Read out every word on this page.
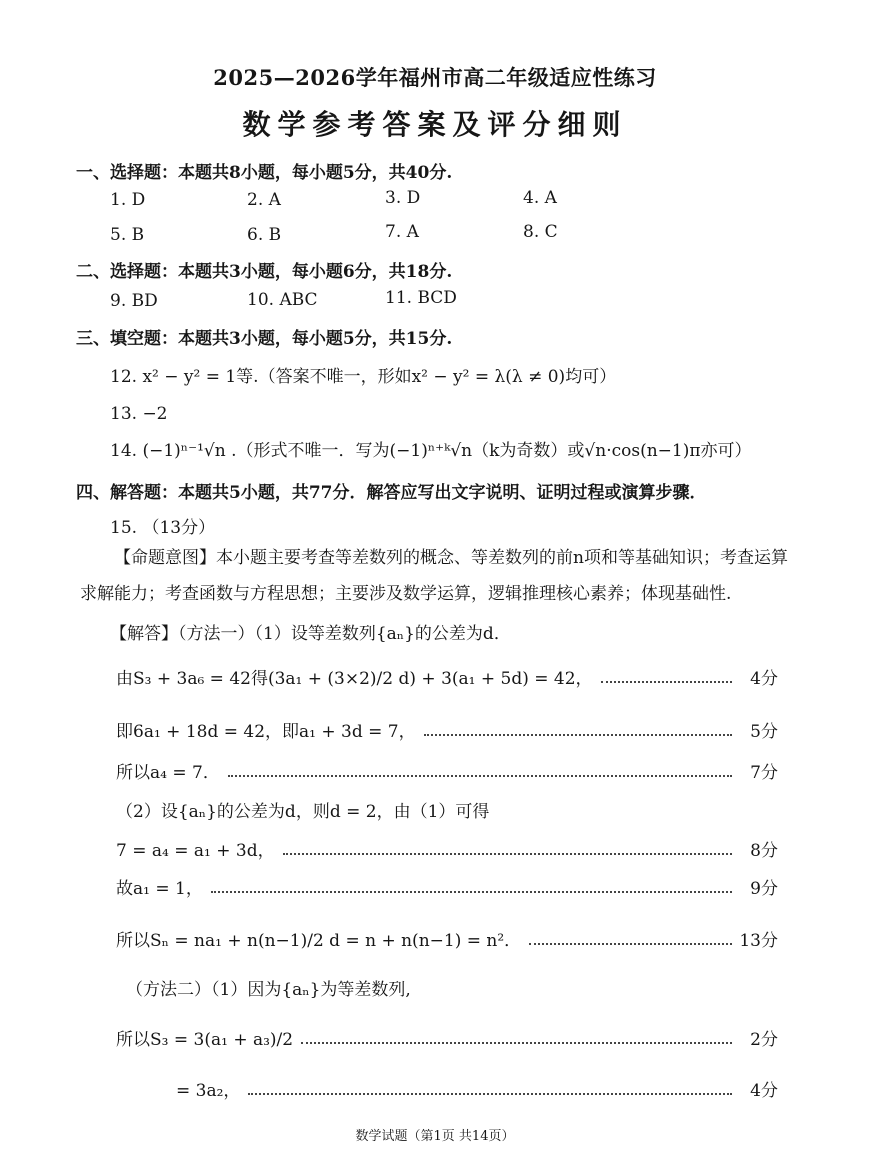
2025—2026学年福州市高二年级适应性练习
数学参考答案及评分细则
一、选择题：本题共8小题，每小题5分，共40分.
1. D	2. A	3. D	4. A
5. B	6. B	7. A	8. C
二、选择题：本题共3小题，每小题6分，共18分.
9. BD	10. ABC	11. BCD
三、填空题：本题共3小题，每小题5分，共15分.
12. x² − y² = 1等.（答案不唯一，形如x² − y² = λ(λ ≠ 0)均可）
13. −2
14. (−1)ⁿ⁻¹√n .（形式不唯一．写为(−1)ⁿ⁺ᵏ√n（k为奇数）或√n·cos(n−1)π亦可）
四、解答题：本题共5小题，共77分．解答应写出文字说明、证明过程或演算步骤．
15. （13分）
【命题意图】本小题主要考查等差数列的概念、等差数列的前n项和等基础知识；考查运算求解能力；考查函数与方程思想；主要涉及数学运算，逻辑推理核心素养；体现基础性.
【解答】（方法一）（1）设等差数列{aₙ}的公差为d．
由S₃ + 3a₆ = 42得(3a₁ + (3×2)/2 d) + 3(a₁ + 5d) = 42，	4分
即6a₁ + 18d = 42，即a₁ + 3d = 7，	5分
所以a₄ = 7．	7分
（2）设{aₙ}的公差为d，则d = 2，由（1）可得
7 = a₄ = a₁ + 3d，	8分
故a₁ = 1，	9分
所以Sₙ = na₁ + n(n−1)/2 d = n + n(n−1) = n²．	13分
（方法二）（1）因为{aₙ}为等差数列,
所以S₃ = 3(a₁ + a₃)/2	2分
= 3a₂，	4分
数学试题（第1页 共14页）
